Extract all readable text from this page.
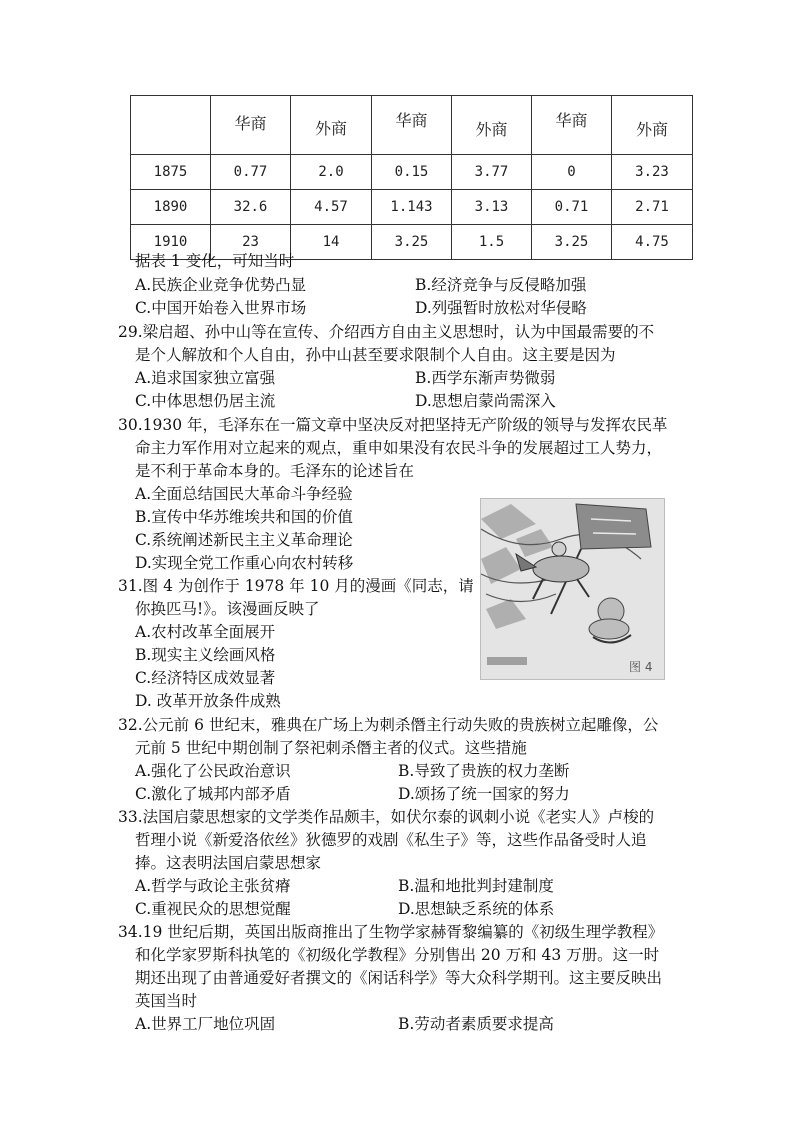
	华商	外商	华商	外商	华商	外商
1875	0.77	2.0	0.15	3.77	0	3.23
1890	32.6	4.57	1.143	3.13	0.71	2.71
1910	23	14	3.25	1.5	3.25	4.75
据表 1 变化，可知当时
A.民族企业竞争优势凸显	B.经济竞争与反侵略加强
C.中国开始卷入世界市场	D.列强暂时放松对华侵略
29.梁启超、孙中山等在宣传、介绍西方自由主义思想时，认为中国最需要的不
是个人解放和个人自由，孙中山甚至要求限制个人自由。这主要是因为
A.追求国家独立富强	B.西学东渐声势微弱
C.中体思想仍居主流	D.思想启蒙尚需深入
30.1930 年，毛泽东在一篇文章中坚决反对把坚持无产阶级的领导与发挥农民革
命主力军作用对立起来的观点，重申如果没有农民斗争的发展超过工人势力，
是不利于革命本身的。毛泽东的论述旨在
A.全面总结国民大革命斗争经验
B.宣传中华苏维埃共和国的价值
C.系统阐述新民主主义革命理论
D.实现全党工作重心向农村转移
31.图 4 为创作于 1978 年 10 月的漫画《同志，请
你换匹马!》。该漫画反映了
A.农村改革全面展开
B.现实主义绘画风格
C.经济特区成效显著
D. 改革开放条件成熟
图 4
32.公元前 6 世纪末，雅典在广场上为刺杀僭主行动失败的贵族树立起雕像，公
元前 5 世纪中期创制了祭祀刺杀僭主者的仪式。这些措施
A.强化了公民政治意识	B.导致了贵族的权力垄断
C.激化了城邦内部矛盾	D.颂扬了统一国家的努力
33.法国启蒙思想家的文学类作品颇丰，如伏尔泰的讽刺小说《老实人》卢梭的
哲理小说《新爱洛依丝》狄德罗的戏剧《私生子》等，这些作品备受时人追
捧。这表明法国启蒙思想家
A.哲学与政论主张贫瘠	B.温和地批判封建制度
C.重视民众的思想觉醒	D.思想缺乏系统的体系
34.19 世纪后期，英国出版商推出了生物学家赫胥黎编纂的《初级生理学教程》
和化学家罗斯科执笔的《初级化学教程》分别售出 20 万和 43 万册。这一时
期还出现了由普通爱好者撰文的《闲话科学》等大众科学期刊。这主要反映出
英国当时
A.世界工厂地位巩固	B.劳动者素质要求提高
